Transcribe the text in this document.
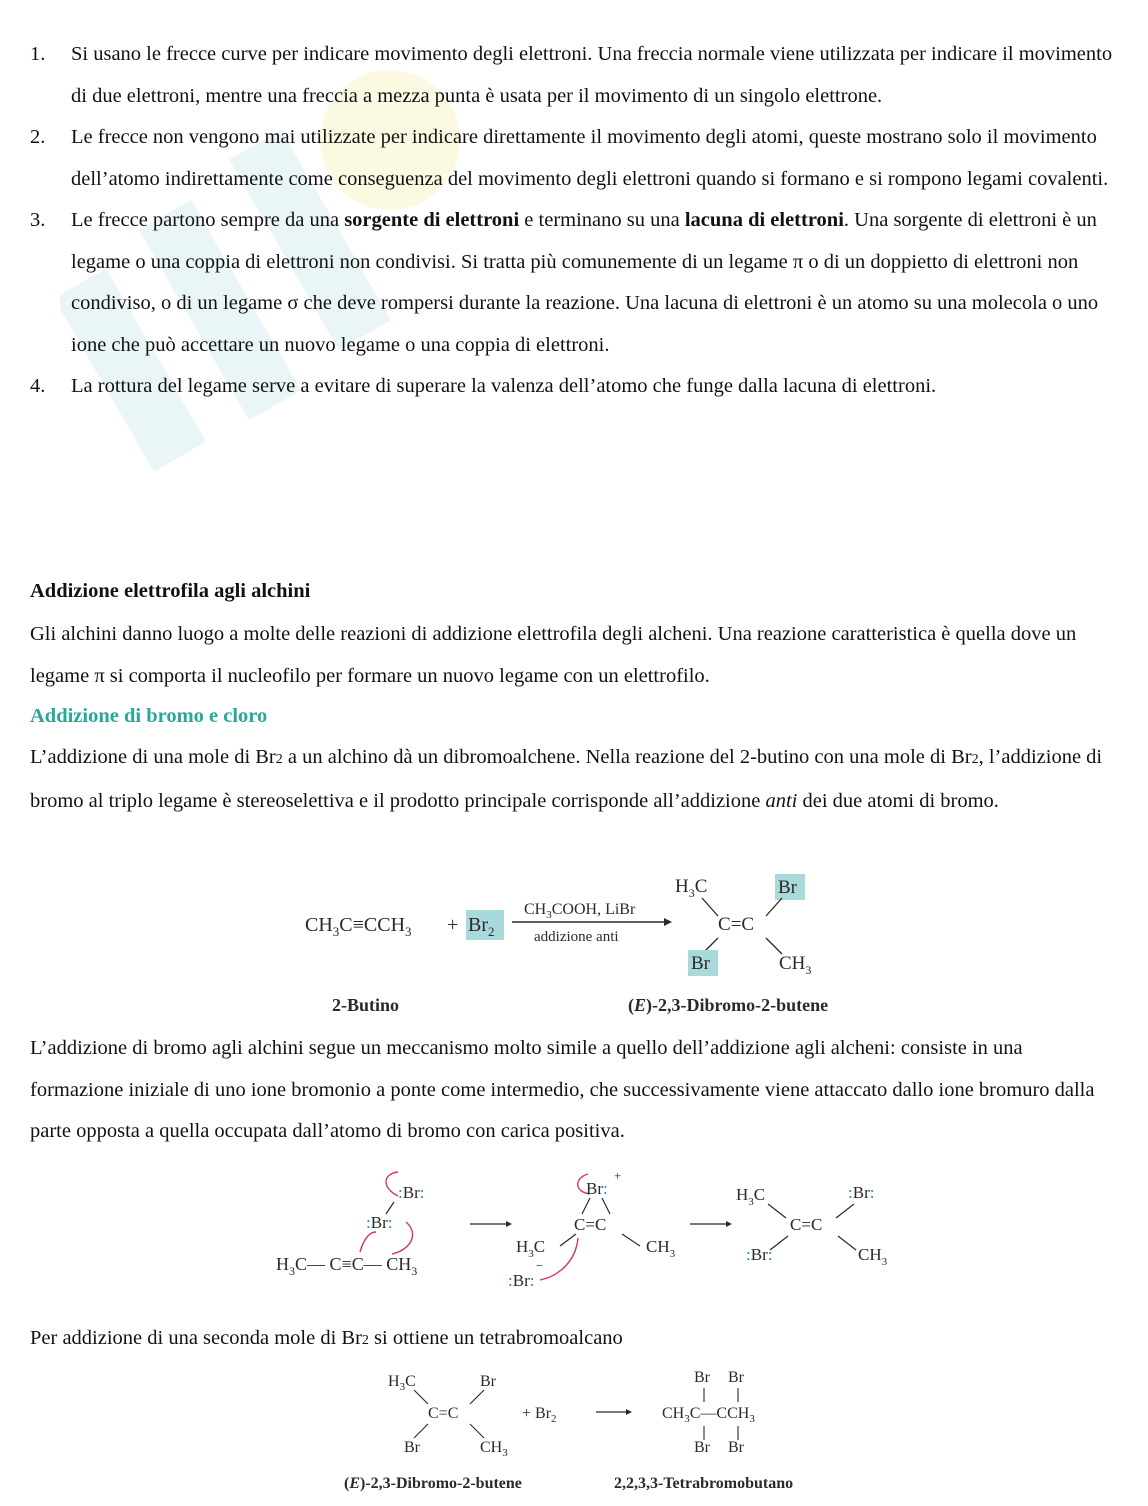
1. Si usano le frecce curve per indicare movimento degli elettroni. Una freccia normale viene utilizzata per indicare il movimento di due elettroni, mentre una freccia a mezza punta è usata per il movimento di un singolo elettrone.
2. Le frecce non vengono mai utilizzate per indicare direttamente il movimento degli atomi, queste mostrano solo il movimento dell’atomo indirettamente come conseguenza del movimento degli elettroni quando si formano e si rompono legami covalenti.
3. Le frecce partono sempre da una sorgente di elettroni e terminano su una lacuna di elettroni. Una sorgente di elettroni è un legame o una coppia di elettroni non condivisi. Si tratta più comunemente di un legame π o di un doppietto di elettroni non condiviso, o di un legame σ che deve rompersi durante la reazione. Una lacuna di elettroni è un atomo su una molecola o uno ione che può accettare un nuovo legame o una coppia di elettroni.
4. La rottura del legame serve a evitare di superare la valenza dell’atomo che funge dalla lacuna di elettroni.
Addizione elettrofila agli alchini

Gli alchini danno luogo a molte delle reazioni di addizione elettrofila degli alcheni. Una reazione caratteristica è quella dove un legame π si comporta il nucleofilo per formare un nuovo legame con un elettrofilo.

Addizione di bromo e cloro

L’addizione di una mole di Br2 a un alchino dà un dibromoalchene. Nella reazione del 2-butino con una mole di Br2, l’addizione di bromo al triplo legame è stereoselettiva e il prodotto principale corrisponde all’addizione anti dei due atomi di bromo.

$CH_3C\equiv CCH_3 + Br_2$
$CH_3COOH$, LiBr
addizione anti
$H_3C$	Br
C=C
Br	$CH_3$
2-Butino	(E)-2,3-Dibromo-2-butene

L’addizione di bromo agli alchini segue un meccanismo molto simile a quello dell’addizione agli alcheni: consiste in una formazione iniziale di uno ione bromonio a ponte come intermedio, che successivamente viene attaccato dallo ione bromuro dalla parte opposta a quella occupata dall’atomo di bromo con carica positiva.

:Br:
:Br:
$H_3C—$ C≡C— $CH_3$
Br:
+
C=C
$H_3C$	$CH_3$
:Br:
−
$H_3C$	:Br:
C=C
:Br:	$CH_3$

Per addizione di una seconda mole di Br2 si ottiene un tetrabromoalcano

$H_3C$	Br
C=C
Br	$CH_3$
+ $Br_2$
Br Br
$CH_3C—CCH_3$
Br Br
(E)-2,3-Dibromo-2-butene	2,2,3,3-Tetrabromobutano
